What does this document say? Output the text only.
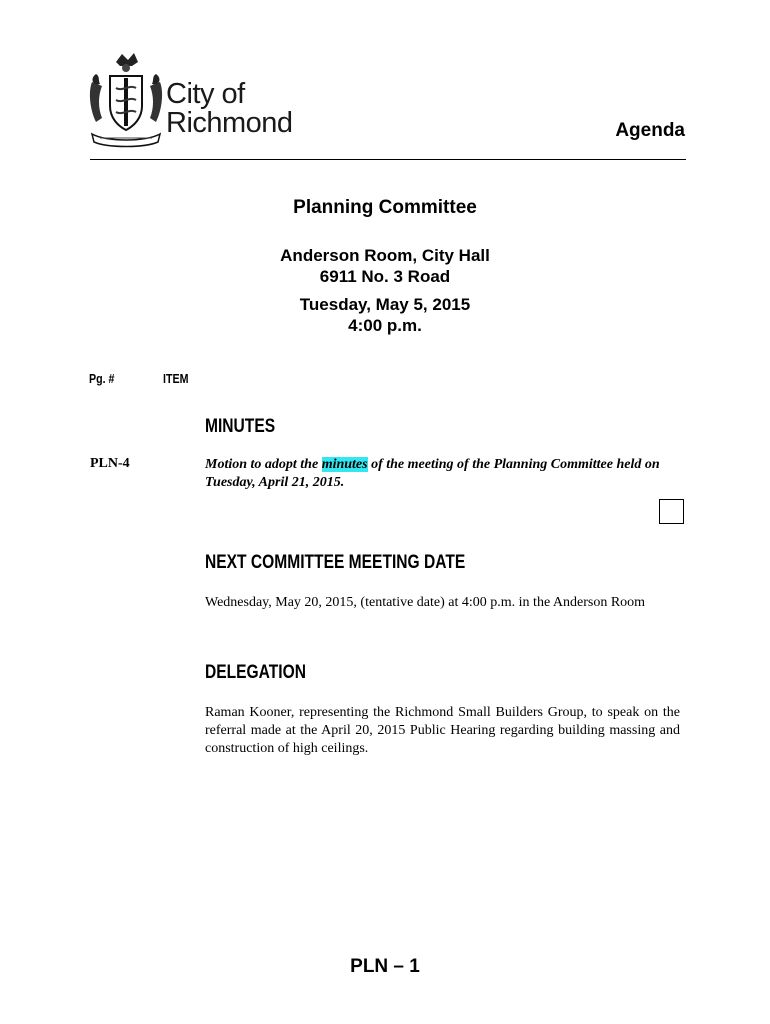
City of
Richmond	Agenda
Planning Committee
Anderson Room, City Hall
6911 No. 3 Road
Tuesday, May 5, 2015
4:00 p.m.
Pg. #	ITEM
MINUTES
PLN-4	Motion to adopt the minutes of the meeting of the Planning Committee held on Tuesday, April 21, 2015.
NEXT COMMITTEE MEETING DATE
Wednesday, May 20, 2015, (tentative date) at 4:00 p.m. in the Anderson Room
DELEGATION
Raman Kooner, representing the Richmond Small Builders Group, to speak on the referral made at the April 20, 2015 Public Hearing regarding building massing and construction of high ceilings.
PLN – 1
